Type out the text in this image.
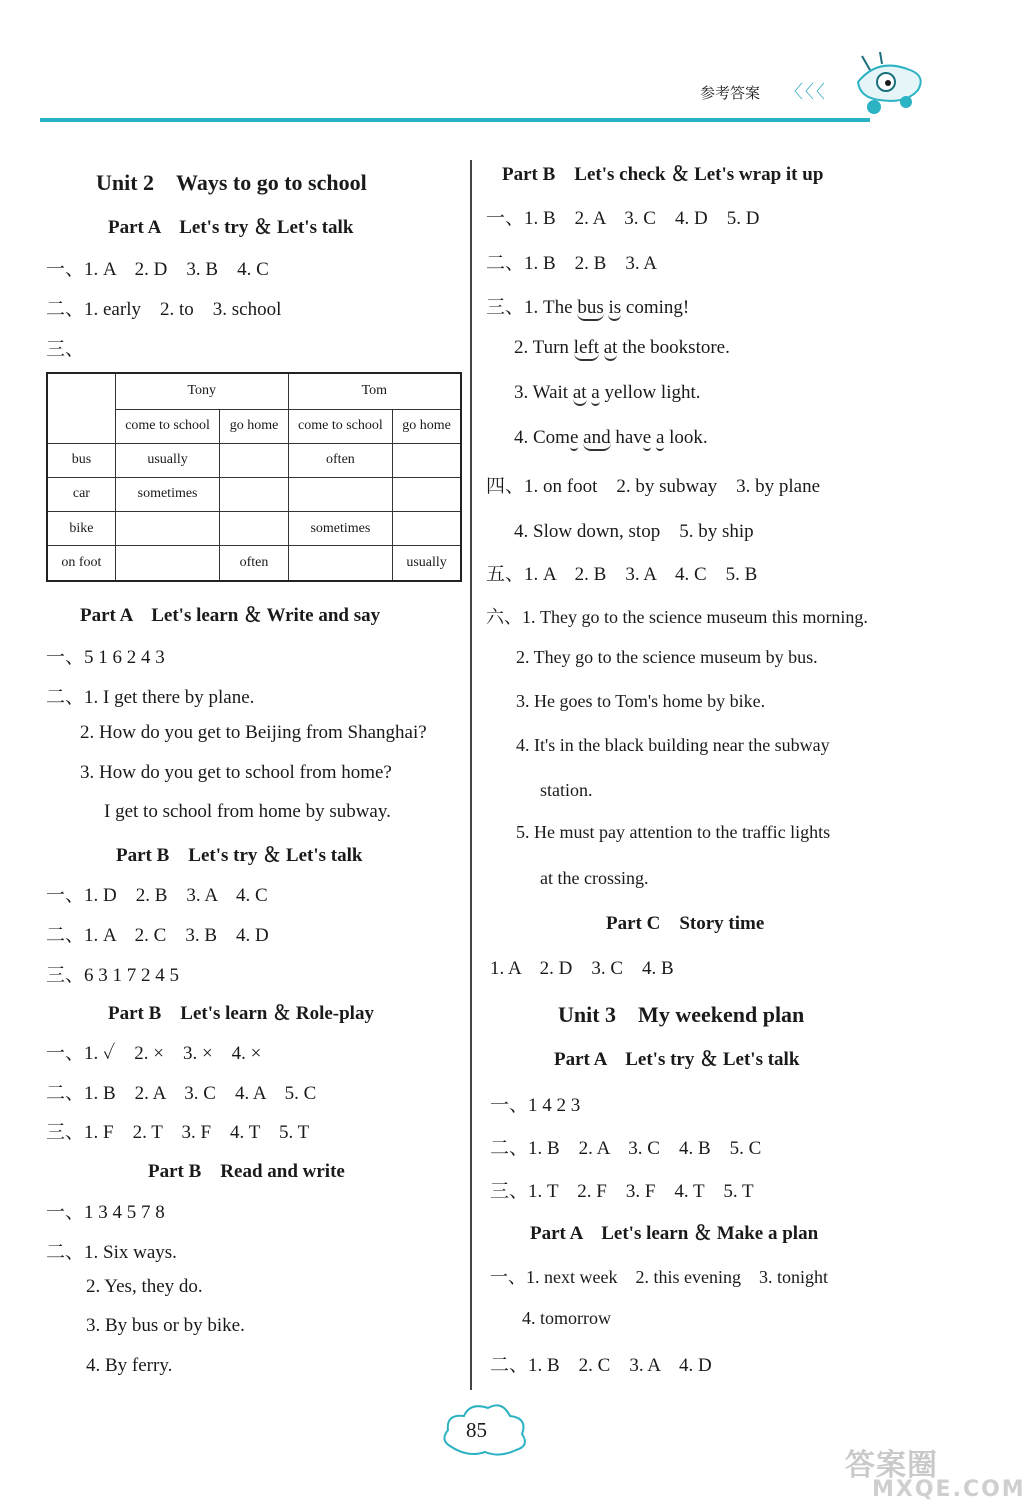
参考答案 〈〈〈
Unit 2　Ways to go to school
Part A　Let's try ＆ Let's talk
一、1. A　2. D　3. B　4. C
二、1. early　2. to　3. school
三、
	Tony		Tom	
	come to school	go home	come to school	go home
bus	usually		often	
car	sometimes			
bike			sometimes	
on foot		often		usually
Part A　Let's learn ＆ Write and say
一、5 1 6 2 4 3
二、1. I get there by plane.
2. How do you get to Beijing from Shanghai?
3. How do you get to school from home?
I get to school from home by subway.
Part B　Let's try ＆ Let's talk
一、1. D　2. B　3. A　4. C
二、1. A　2. C　3. B　4. D
三、6 3 1 7 2 4 5
Part B　Let's learn ＆ Role-play
一、1. ✓　2. ×　3. ×　4. ×
二、1. B　2. A　3. C　4. A　5. C
三、1. F　2. T　3. F　4. T　5. T
Part B　Read and write
一、1 3 4 5 7 8
二、1. Six ways.
2. Yes, they do.
3. By bus or by bike.
4. By ferry.
Part B　Let's check ＆ Let's wrap it up
一、1. B　2. A　3. C　4. D　5. D
二、1. B　2. B　3. A
三、1. The bus is coming!
2. Turn left at the bookstore.
3. Wait at a yellow light.
4. Come and have a look.
四、1. on foot　2. by subway　3. by plane
4. Slow down, stop　5. by ship
五、1. A　2. B　3. A　4. C　5. B
六、1. They go to the science museum this morning.
2. They go to the science museum by bus.
3. He goes to Tom's home by bike.
4. It's in the black building near the subway
station.
5. He must pay attention to the traffic lights
at the crossing.
Part C　Story time
1. A　2. D　3. C　4. B
Unit 3　My weekend plan
Part A　Let's try ＆ Let's talk
一、1 4 2 3
二、1. B　2. A　3. C　4. B　5. C
三、1. T　2. F　3. F　4. T　5. T
Part A　Let's learn ＆ Make a plan
一、1. next week　2. this evening　3. tonight
4. tomorrow
二、1. B　2. C　3. A　4. D
85
答案圈
MXQE.COM
